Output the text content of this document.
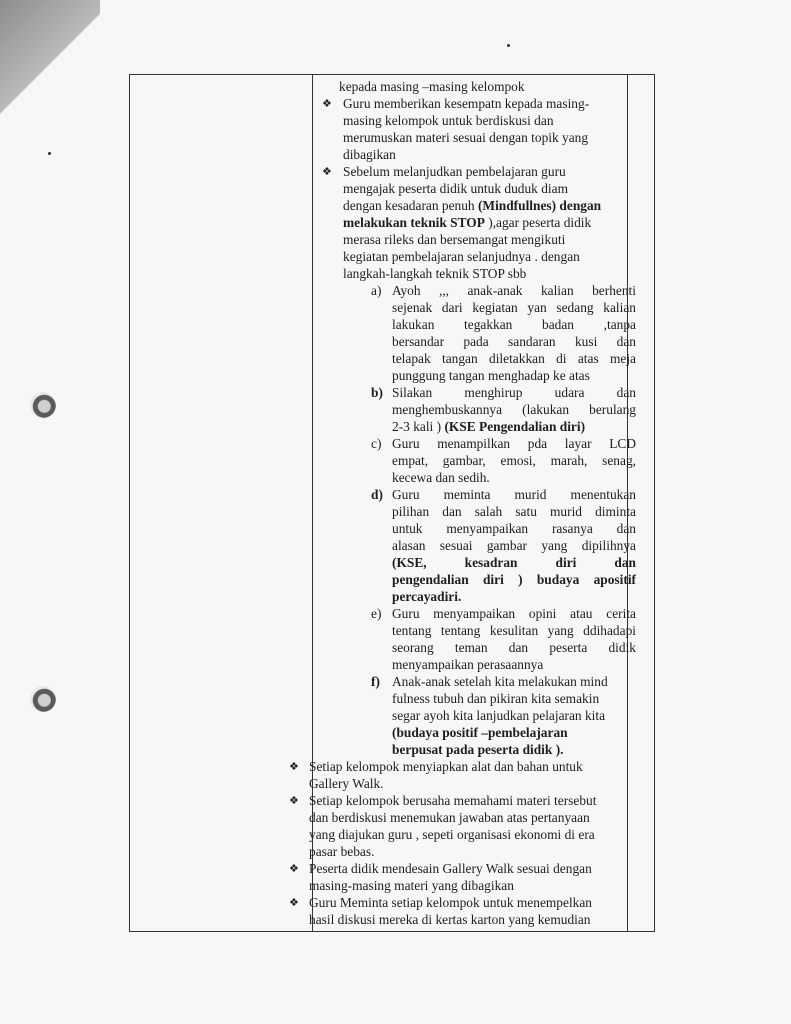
kepada masing –masing kelompok
❖ Guru memberikan kesempatn kepada masing-
masing kelompok untuk berdiskusi dan
merumuskan materi sesuai dengan topik yang
dibagikan
❖ Sebelum melanjudkan pembelajaran guru
mengajak peserta didik untuk duduk diam
dengan kesadaran penuh (Mindfullnes) dengan
melakukan teknik STOP ),agar peserta didik
merasa rileks dan bersemangat mengikuti
kegiatan pembelajaran selanjudnya . dengan
langkah-langkah teknik STOP sbb
a) Ayoh ,,, anak-anak kalian berhenti
sejenak dari kegiatan yan sedang kalian
lakukan tegakkan badan ,tanpa
bersandar pada sandaran kusi dan
telapak tangan diletakkan di atas meja
punggung tangan menghadap ke atas
b) Silakan menghirup udara dan
menghembuskannya (lakukan berulang
2-3 kali ) (KSE Pengendalian diri)
c) Guru menampilkan pda layar LCD
empat, gambar, emosi, marah, senag,
kecewa dan sedih.
d) Guru meminta murid menentukan
pilihan dan salah satu murid diminta
untuk menyampaikan rasanya dan
alasan sesuai gambar yang dipilihnya
(KSE, kesadran diri dan
pengendalian diri ) budaya apositif
percayadiri.
e) Guru menyampaikan opini atau cerita
tentang tentang kesulitan yang ddihadapi
seorang teman dan peserta didik
menyampaikan perasaannya
f) Anak-anak setelah kita melakukan mind
fulness tubuh dan pikiran kita semakin
segar ayoh kita lanjudkan pelajaran kita
(budaya positif –pembelajaran
berpusat pada peserta didik ).
❖ Setiap kelompok menyiapkan alat dan bahan untuk
Gallery Walk.
❖ Setiap kelompok berusaha memahami materi tersebut
dan berdiskusi menemukan jawaban atas pertanyaan
yang diajukan guru , sepeti organisasi ekonomi di era
pasar bebas.
❖ Peserta didik mendesain Gallery Walk sesuai dengan
masing-masing materi yang dibagikan
❖ Guru Meminta setiap kelompok untuk menempelkan
hasil diskusi mereka di kertas karton yang kemudian
